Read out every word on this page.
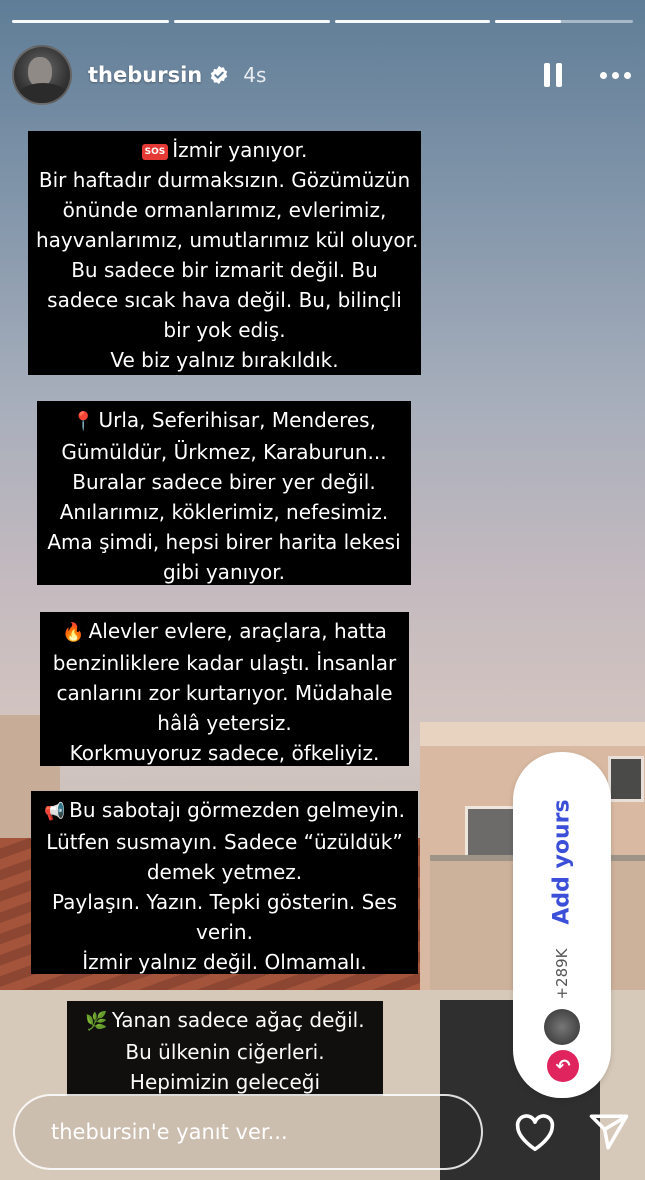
thebursin 4s
SOS İzmir yanıyor.
Bir haftadır durmaksızın. Gözümüzün
önünde ormanlarımız, evlerimiz,
hayvanlarımız, umutlarımız kül oluyor.
Bu sadece bir izmarit değil. Bu
sadece sıcak hava değil. Bu, bilinçli
bir yok ediş.
Ve biz yalnız bırakıldık.
📍 Urla, Seferihisar, Menderes,
Gümüldür, Ürkmez, Karaburun...
Buralar sadece birer yer değil.
Anılarımız, köklerimiz, nefesimiz.
Ama şimdi, hepsi birer harita lekesi
gibi yanıyor.
🔥 Alevler evlere, araçlara, hatta
benzinliklere kadar ulaştı. İnsanlar
canlarını zor kurtarıyor. Müdahale
hâlâ yetersiz.
Korkmuyoruz sadece, öfkeliyiz.
📢 Bu sabotajı görmezden gelmeyin.
Lütfen susmayın. Sadece “üzüldük”
demek yetmez.
Paylaşın. Yazın. Tepki gösterin. Ses
verin.
İzmir yalnız değil. Olmamalı.
🌿 Yanan sadece ağaç değil.
Bu ülkenin ciğerleri.
Hepimizin geleceği
Add yours
+289K
↶
thebursin'e yanıt ver...
